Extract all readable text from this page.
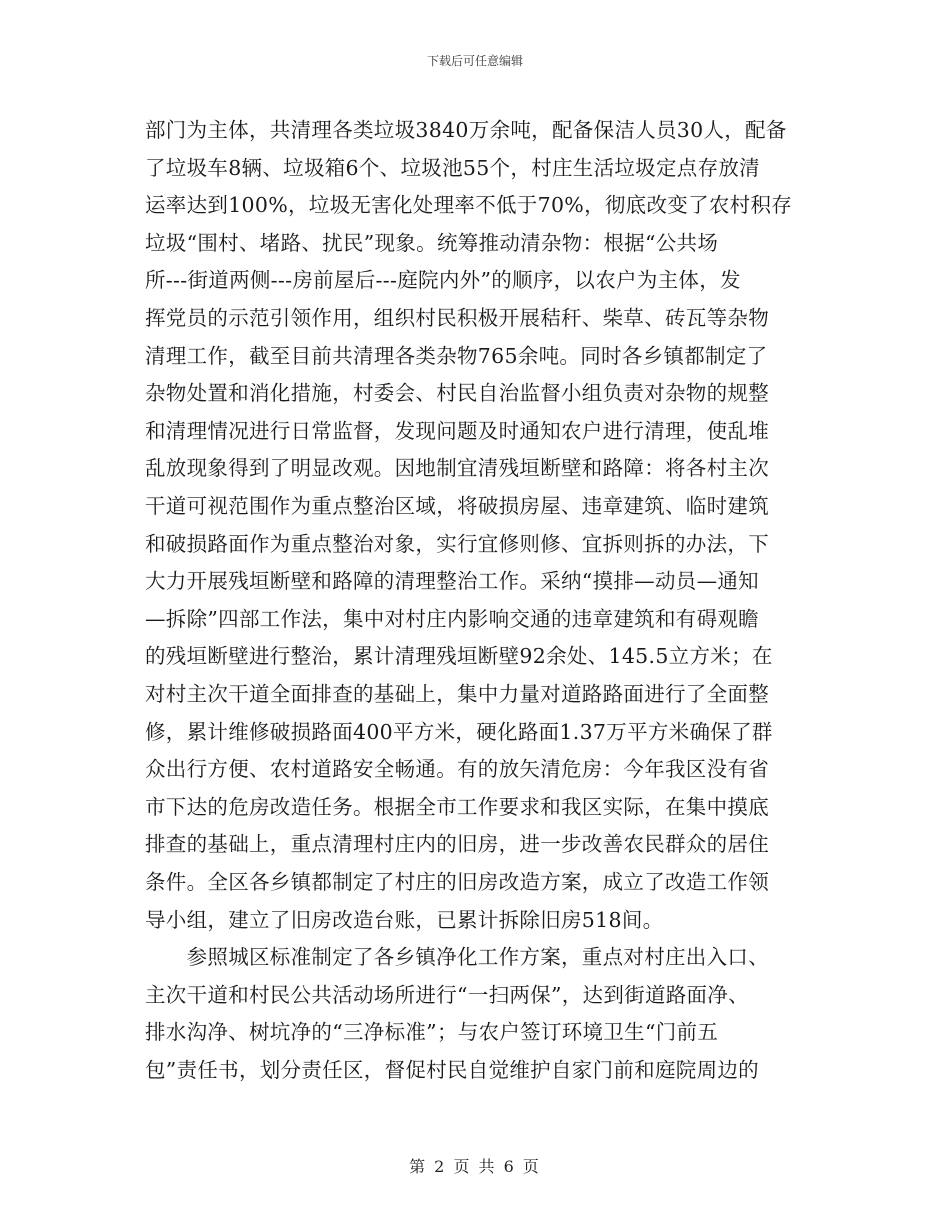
下载后可任意编辑
部门为主体，共清理各类垃圾3840万余吨，配备保洁人员30人，配备
了垃圾车8辆、垃圾箱6个、垃圾池55个，村庄生活垃圾定点存放清
运率达到100%，垃圾无害化处理率不低于70%，彻底改变了农村积存
垃圾“围村、堵路、扰民”现象。统筹推动清杂物：根据“公共场
所---街道两侧---房前屋后---庭院内外”的顺序，以农户为主体，发
挥党员的示范引领作用，组织村民积极开展秸秆、柴草、砖瓦等杂物
清理工作，截至目前共清理各类杂物765余吨。同时各乡镇都制定了
杂物处置和消化措施，村委会、村民自治监督小组负责对杂物的规整
和清理情况进行日常监督，发现问题及时通知农户进行清理，使乱堆
乱放现象得到了明显改观。因地制宜清残垣断壁和路障：将各村主次
干道可视范围作为重点整治区域，将破损房屋、违章建筑、临时建筑
和破损路面作为重点整治对象，实行宜修则修、宜拆则拆的办法，下
大力开展残垣断壁和路障的清理整治工作。采纳“摸排—动员—通知
—拆除”四部工作法，集中对村庄内影响交通的违章建筑和有碍观瞻
的残垣断壁进行整治，累计清理残垣断壁92余处、145.5立方米；在
对村主次干道全面排查的基础上，集中力量对道路路面进行了全面整
修，累计维修破损路面400平方米，硬化路面1.37万平方米确保了群
众出行方便、农村道路安全畅通。有的放矢清危房：今年我区没有省
市下达的危房改造任务。根据全市工作要求和我区实际，在集中摸底
排查的基础上，重点清理村庄内的旧房，进一步改善农民群众的居住
条件。全区各乡镇都制定了村庄的旧房改造方案，成立了改造工作领
导小组，建立了旧房改造台账，已累计拆除旧房518间。
　　参照城区标准制定了各乡镇净化工作方案，重点对村庄出入口、
主次干道和村民公共活动场所进行“一扫两保”，达到街道路面净、
排水沟净、树坑净的“三净标准”；与农户签订环境卫生“门前五
包”责任书，划分责任区，督促村民自觉维护自家门前和庭院周边的
第 2 页 共 6 页
